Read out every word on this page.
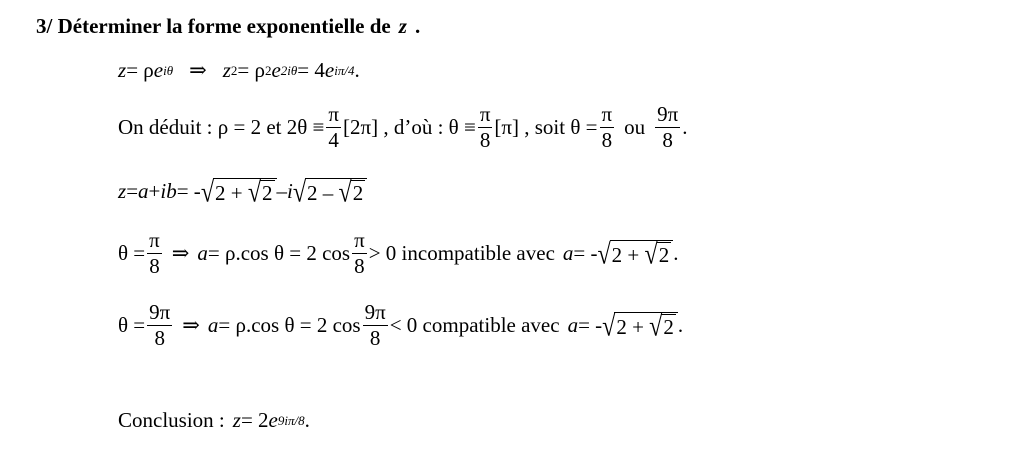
3/ Déterminer la forme exponentielle de z .
z = ρ e iθ ⇒ z 2 = ρ 2 e 2iθ = 4 e iπ/4 .
On déduit : ρ = 2 et $2\theta \equiv \frac{\pi}{4} [2\pi]$ , d’où : $\theta \equiv \frac{\pi}{8} [\pi]$ , soit $\theta = \frac{\pi}{8}$ ou $\frac{9\pi}{8}$ .
z = a + ib = - √ 2 +
√ 2 – i √ 2 –
√ 2
$\theta = \frac{\pi}{8}$ ⇒ a = ρ.cos θ = 2 $\cos \frac{\pi}{8} > 0$ incompatible avec a = - √ 2 +
√ 2 .
$\theta = \frac{9\pi}{8}$ ⇒ a = ρ.cos θ = 2 $\cos \frac{9\pi}{8} < 0$ compatible avec a = - √ 2 +
√ 2 .
Conclusion : z = 2 e 9iπ/8 .
